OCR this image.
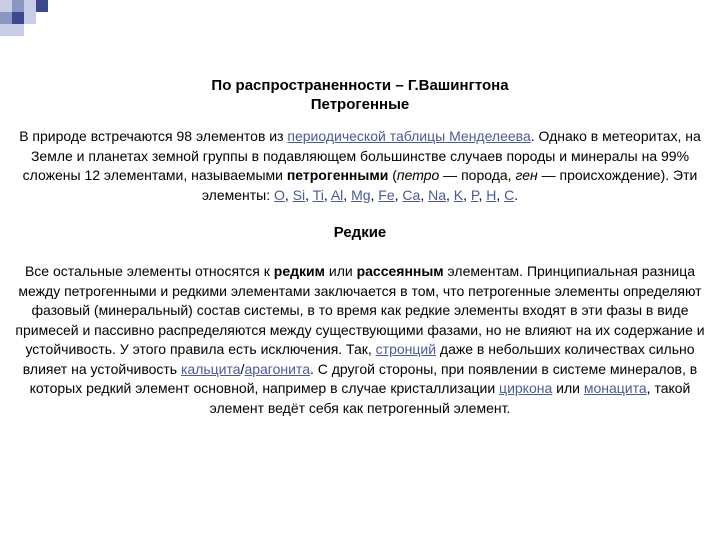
По распространенности – Г.Вашингтона
Петрогенные

В природе встречаются 98 элементов из периодической таблицы Менделеева. Однако в метеоритах, на Земле и планетах земной группы в подавляющем большинстве случаев породы и минералы на 99% сложены 12 элементами, называемыми петрогенными (петро — порода, ген — происхождение). Эти элементы: O, Si, Ti, Al, Mg, Fe, Ca, Na, K, P, H, C.

Редкие

Все остальные элементы относятся к редким или рассеянным элементам. Принципиальная разница между петрогенными и редкими элементами заключается в том, что петрогенные элементы определяют фазовый (минеральный) состав системы, в то время как редкие элементы входят в эти фазы в виде примесей и пассивно распределяются между существующими фазами, но не влияют на их содержание и устойчивость. У этого правила есть исключения. Так, стронций даже в небольших количествах сильно влияет на устойчивость кальцита/арагонита. С другой стороны, при появлении в системе минералов, в которых редкий элемент основной, например в случае кристаллизации циркона или монацита, такой элемент ведёт себя как петрогенный элемент.
